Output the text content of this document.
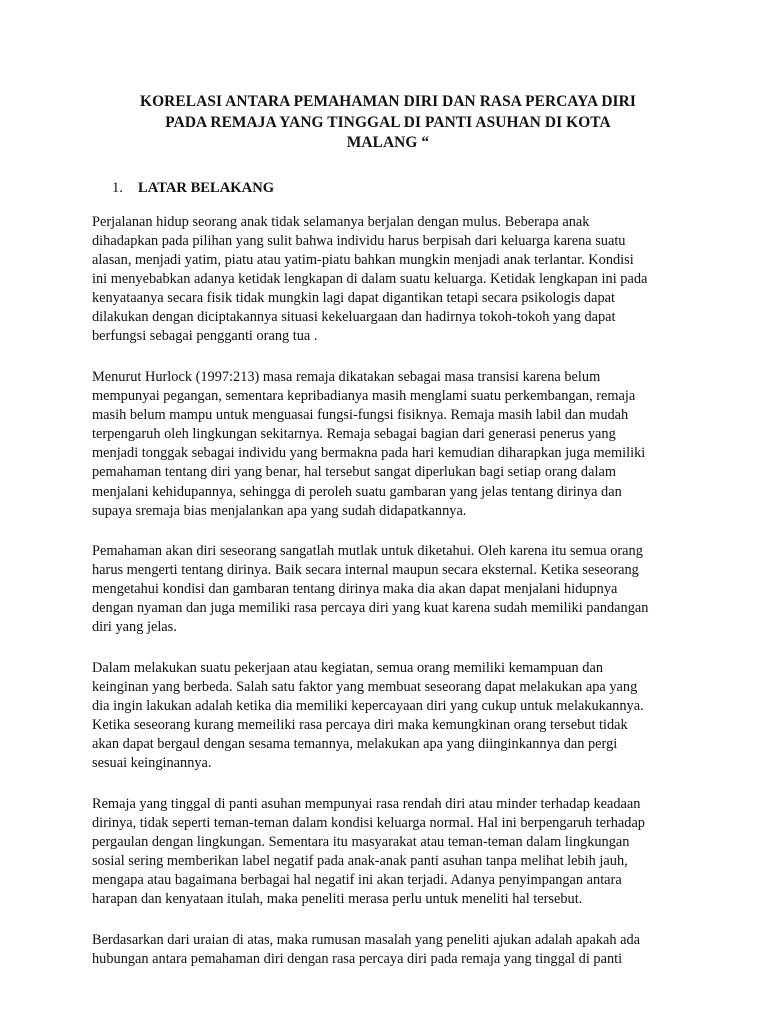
KORELASI ANTARA PEMAHAMAN DIRI DAN RASA PERCAYA DIRI
PADA REMAJA YANG TINGGAL DI PANTI ASUHAN DI KOTA
MALANG “
1. LATAR BELAKANG

Perjalanan hidup seorang anak tidak selamanya berjalan dengan mulus. Beberapa anak
dihadapkan pada pilihan yang sulit bahwa individu harus berpisah dari keluarga karena suatu
alasan, menjadi yatim, piatu atau yatim-piatu bahkan mungkin menjadi anak terlantar. Kondisi
ini menyebabkan adanya ketidak lengkapan di dalam suatu keluarga. Ketidak lengkapan ini pada
kenyataanya secara fisik tidak mungkin lagi dapat digantikan tetapi secara psikologis dapat
dilakukan dengan diciptakannya situasi kekeluargaan dan hadirnya tokoh-tokoh yang dapat
berfungsi sebagai pengganti orang tua .

Menurut Hurlock (1997:213) masa remaja dikatakan sebagai masa transisi karena belum
mempunyai pegangan, sementara kepribadianya masih menglami suatu perkembangan, remaja
masih belum mampu untuk menguasai fungsi-fungsi fisiknya. Remaja masih labil dan mudah
terpengaruh oleh lingkungan sekitarnya. Remaja sebagai bagian dari generasi penerus yang
menjadi tonggak sebagai individu yang bermakna pada hari kemudian diharapkan juga memiliki
pemahaman tentang diri yang benar, hal tersebut sangat diperlukan bagi setiap orang dalam
menjalani kehidupannya, sehingga di peroleh suatu gambaran yang jelas tentang dirinya dan
supaya sremaja bias menjalankan apa yang sudah didapatkannya.

Pemahaman akan diri seseorang sangatlah mutlak untuk diketahui. Oleh karena itu semua orang
harus mengerti tentang dirinya. Baik secara internal maupun secara eksternal. Ketika seseorang
mengetahui kondisi dan gambaran tentang dirinya maka dia akan dapat menjalani hidupnya
dengan nyaman dan juga memiliki rasa percaya diri yang kuat karena sudah memiliki pandangan
diri yang jelas.

Dalam melakukan suatu pekerjaan atau kegiatan, semua orang memiliki kemampuan dan
keinginan yang berbeda. Salah satu faktor yang membuat seseorang dapat melakukan apa yang
dia ingin lakukan adalah ketika dia memiliki kepercayaan diri yang cukup untuk melakukannya.
Ketika seseorang kurang memeiliki rasa percaya diri maka kemungkinan orang tersebut tidak
akan dapat bergaul dengan sesama temannya, melakukan apa yang diinginkannya dan pergi
sesuai keinginannya.

Remaja yang tinggal di panti asuhan mempunyai rasa rendah diri atau minder terhadap keadaan
dirinya, tidak seperti teman-teman dalam kondisi keluarga normal. Hal ini berpengaruh terhadap
pergaulan dengan lingkungan. Sementara itu masyarakat atau teman-teman dalam lingkungan
sosial sering memberikan label negatif pada anak-anak panti asuhan tanpa melihat lebih jauh,
mengapa atau bagaimana berbagai hal negatif ini akan terjadi. Adanya penyimpangan antara
harapan dan kenyataan itulah, maka peneliti merasa perlu untuk meneliti hal tersebut.

Berdasarkan dari uraian di atas, maka rumusan masalah yang peneliti ajukan adalah apakah ada
hubungan antara pemahaman diri dengan rasa percaya diri pada remaja yang tinggal di panti
